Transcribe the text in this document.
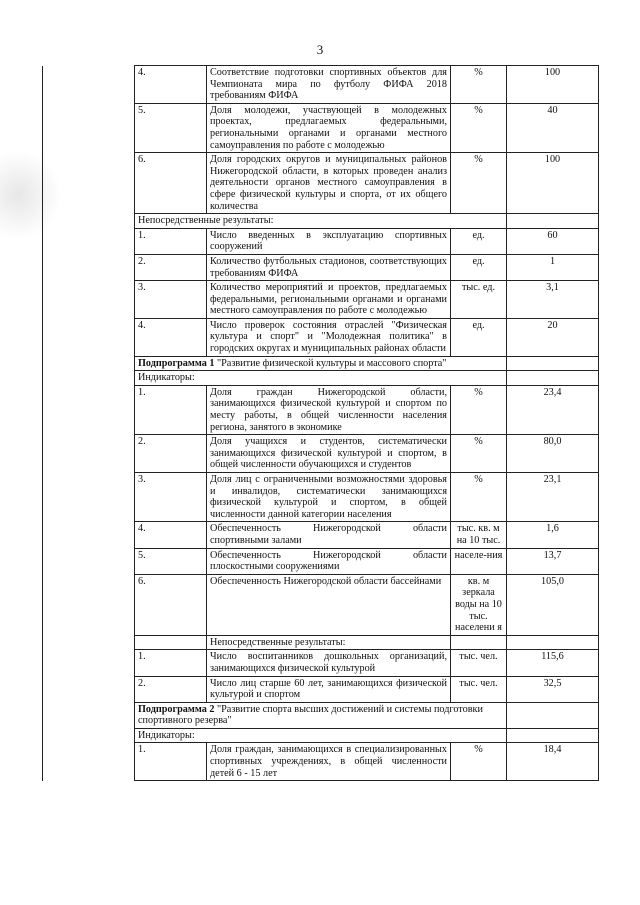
3
	4.	Соответствие подготовки спортивных объектов для Чемпионата мира по футболу ФИФА 2018 требованиям ФИФА	%	100
	5.	Доля молодежи, участвующей в молодежных проектах, предлагаемых федеральными, региональными органами и органами местного самоуправления по работе с молодежью	%	40
	6.	Доля городских округов и муниципальных районов Нижегородской области, в которых проведен анализ деятельности органов местного самоуправления в сфере физической культуры и спорта, от их общего количества	%	100
	Непосредственные результаты:			
	1.	Число введенных в эксплуатацию спортивных сооружений	ед.	60
	2.	Количество футбольных стадионов, соответствующих требованиям ФИФА	ед.	1
	3.	Количество мероприятий и проектов, предлагаемых федеральными, региональными органами и органами местного самоуправления по работе с молодежью	тыс. ед.	3,1
	4.	Число проверок состояния отраслей "Физическая культура и спорт" и "Молодежная политика" в городских округах и муниципальных районах области	ед.	20
	Подпрограмма 1 "Развитие физической культуры и массового спорта"			
	Индикаторы:			
	1.	Доля граждан Нижегородской области, занимающихся физической культурой и спортом по месту работы, в общей численности населения региона, занятого в экономике	%	23,4
	2.	Доля учащихся и студентов, систематически занимающихся физической культурой и спортом, в общей численности обучающихся и студентов	%	80,0
	3.	Доля лиц с ограниченными возможностями здоровья и инвалидов, систематически занимающихся физической культурой и спортом, в общей численности данной категории населения	%	23,1
	4.	Обеспеченность Нижегородской области спортивными залами	тыс. кв. м на 10 тыс.	1,6
	5.	Обеспеченность Нижегородской области плоскостными сооружениями	населе-ния	13,7
	6.	Обеспеченность Нижегородской области бассейнами	кв. м зеркала воды на 10 тыс. населени я	105,0
		Непосредственные результаты:		
	1.	Число воспитанников дошкольных организаций, занимающихся физической культурой	тыс. чел.	115,6
	2.	Число лиц старше 60 лет, занимающихся физической культурой и спортом	тыс. чел.	32,5
	Подпрограмма 2 "Развитие спорта высших достижений и системы подготовки спортивного резерва"			
	Индикаторы:			
	1.	Доля граждан, занимающихся в специализированных спортивных учреждениях, в общей численности детей 6 - 15 лет	%	18,4
